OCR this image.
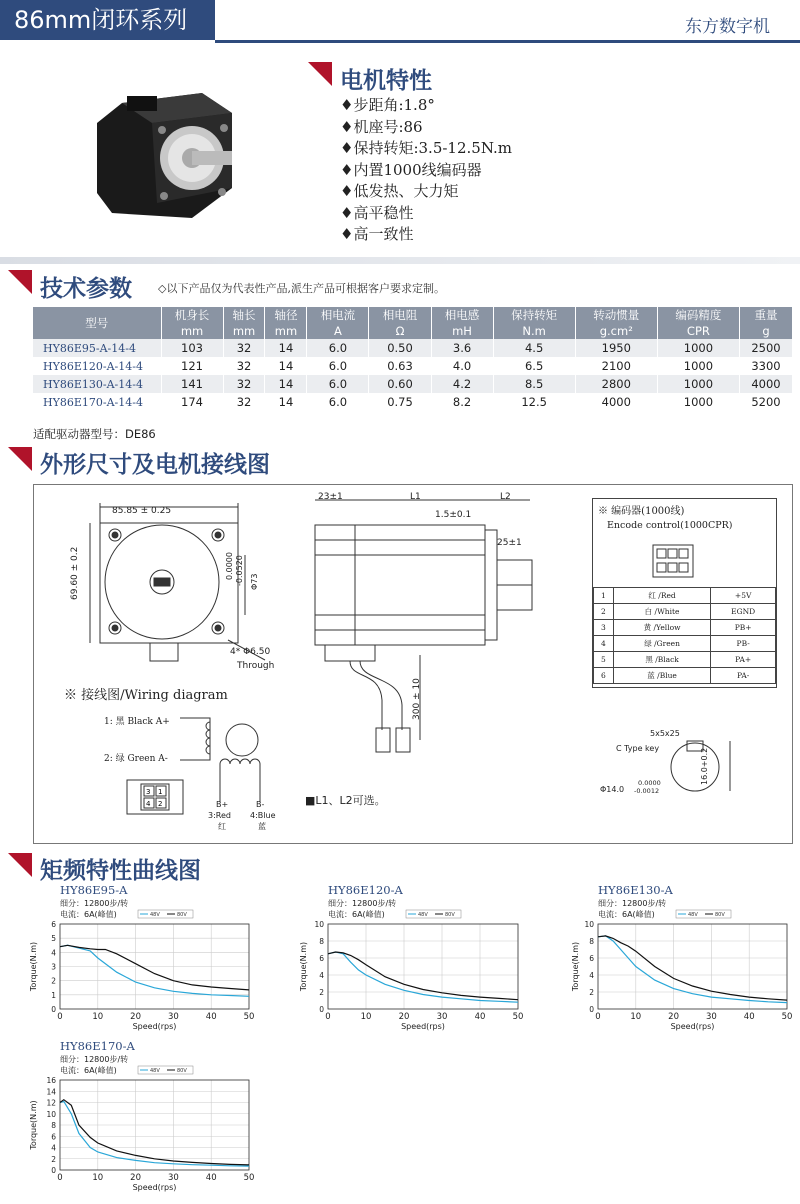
86mm闭环系列	东方数字机
电机特性
♦步距角:1.8°
♦机座号:86
♦保持转矩:3.5-12.5N.m
♦内置1000线编码器
♦低发热、大力矩
♦高平稳性
♦高一致性
技术参数 ◇以下产品仅为代表性产品,派生产品可根据客户要求定制。
型号	机身长	轴长	轴径	相电流	相电阻	相电感	保持转矩	转动惯量	编码精度	重量
	mm	mm	mm	A	Ω	mH	N.m	g.cm²	CPR	g
HY86E95-A-14-4	103	32	14	6.0	0.50	3.6	4.5	1950	1000	2500
HY86E120-A-14-4	121	32	14	6.0	0.63	4.0	6.5	2100	1000	3300
HY86E130-A-14-4	141	32	14	6.0	0.60	4.2	8.5	2800	1000	4000
HY86E170-A-14-4	174	32	14	6.0	0.75	8.2	12.5	4000	1000	5200
适配驱动器型号：DE86
外形尺寸及电机接线图
85.85 ± 0.25
69.60 ± 0.2	Φ73
0.0000 -0.0520
4* Φ6.50
Through
23±1	L1	L2
1.5±0.1
25±1
300 ± 10
■L1、L2可选。
※ 编码器(1000线)
Encode control(1000CPR)
1	红 /Red	+5V
2	白 /White	EGND
3	黄 /Yellow	PB+
4	绿 /Green	PB-
5	黑 /Black	PA+
6	蓝 /Blue	PA-
5x5x25
C Type key
Φ14.0
0.0000
-0.0012
16.0+0.2
※ 接线图/Wiring diagram
1: 黑 Black A+
2: 绿 Green A-
B+	B-
3:Red
红
4:Blue
蓝
3 1
4 2
矩频特性曲线图
HY86E95-A
细分：12800步/转
电流：6A(峰值)	48V	80V
0	10	20	30	40	50
0
1
2
3
4
5
6
Speed(rps)
Torque(N.m)
HY86E120-A
细分：12800步/转
电流：6A(峰值)	48V	80V
0	10	20	30	40	50
0
2
4
6
8
10
Speed(rps)
Torque(N.m)
HY86E130-A
细分：12800步/转
电流：6A(峰值)	48V	80V
0	10	20	30	40	50
0
2
4
6
8
10
Speed(rps)
Torque(N.m)
HY86E170-A
细分：12800步/转
电流：6A(峰值)	48V	80V
0	10	20	30	40	50
0
2
4
6
8
10
12
14
16
Speed(rps)
Torque(N.m)
